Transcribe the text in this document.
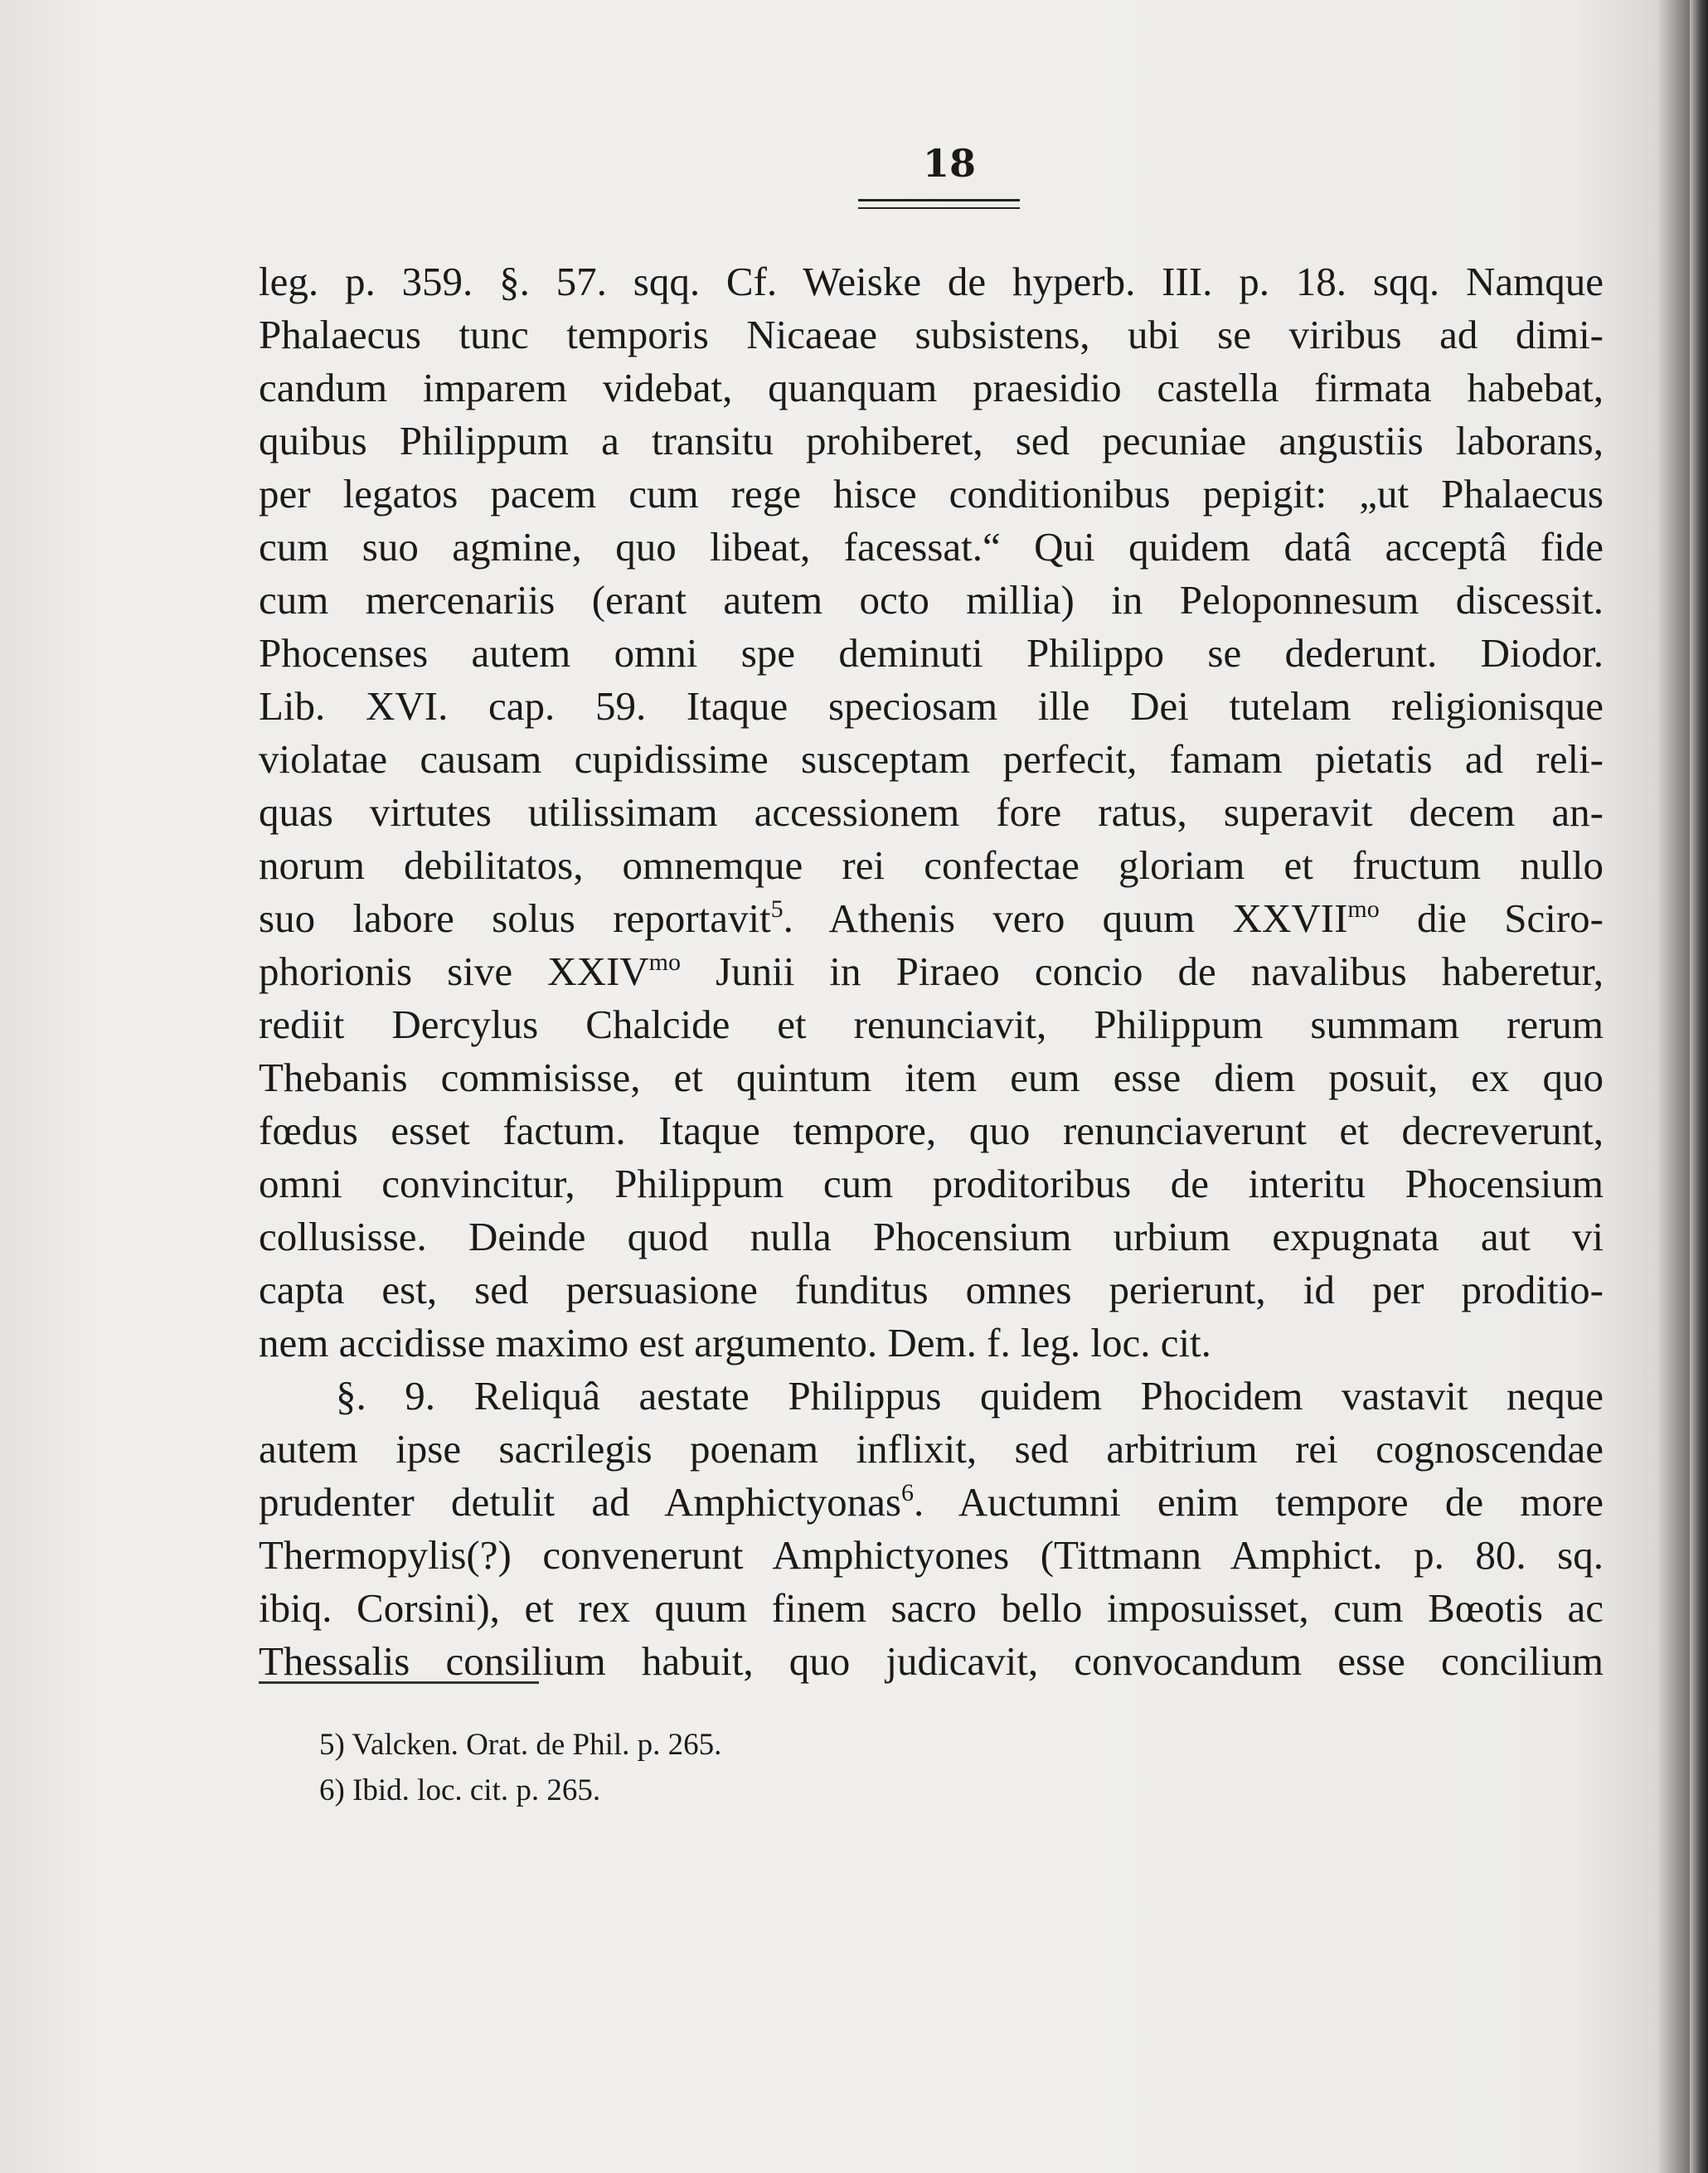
18
leg. p. 359. §. 57. sqq. Cf. Weiske de hyperb. III. p. 18. sqq. Namque
Phalaecus tunc temporis Nicaeae subsistens, ubi se viribus ad dimi-
candum imparem videbat, quanquam praesidio castella firmata habebat,
quibus Philippum a transitu prohiberet, sed pecuniae angustiis laborans,
per legatos pacem cum rege hisce conditionibus pepigit: „ut Phalaecus
cum suo agmine, quo libeat, facessat.“ Qui quidem datâ acceptâ fide
cum mercenariis (erant autem octo millia) in Peloponnesum discessit.
Phocenses autem omni spe deminuti Philippo se dederunt. Diodor.
Lib. XVI. cap. 59. Itaque speciosam ille Dei tutelam religionisque
violatae causam cupidissime susceptam perfecit, famam pietatis ad reli-
quas virtutes utilissimam accessionem fore ratus, superavit decem an-
norum debilitatos, omnemque rei confectae gloriam et fructum nullo
suo labore solus reportavit$^5$. Athenis vero quum $XXVII^{mo}$ die Sciro-
phorionis sive $XXIV^{mo}$ Junii in Piraeo concio de navalibus haberetur,
rediit Dercylus Chalcide et renunciavit, Philippum summam rerum
Thebanis commisisse, et quintum item eum esse diem posuit, ex quo
fœdus esset factum. Itaque tempore, quo renunciaverunt et decreverunt,
omni convincitur, Philippum cum proditoribus de interitu Phocensium
collusisse. Deinde quod nulla Phocensium urbium expugnata aut vi
capta est, sed persuasione funditus omnes perierunt, id per proditio-
nem accidisse maximo est argumento. Dem. f. leg. loc. cit.
§. 9. Reliquâ aestate Philippus quidem Phocidem vastavit neque
autem ipse sacrilegis poenam inflixit, sed arbitrium rei cognoscendae
prudenter detulit ad Amphictyonas$^6$. Auctumni enim tempore de more
Thermopylis(?) convenerunt Amphictyones (Tittmann Amphict. p. 80. sq.
ibiq. Corsini), et rex quum finem sacro bello imposuisset, cum Bœotis ac
Thessalis consilium habuit, quo judicavit, convocandum esse concilium
5) Valcken. Orat. de Phil. p. 265.
6) Ibid. loc. cit. p. 265.
